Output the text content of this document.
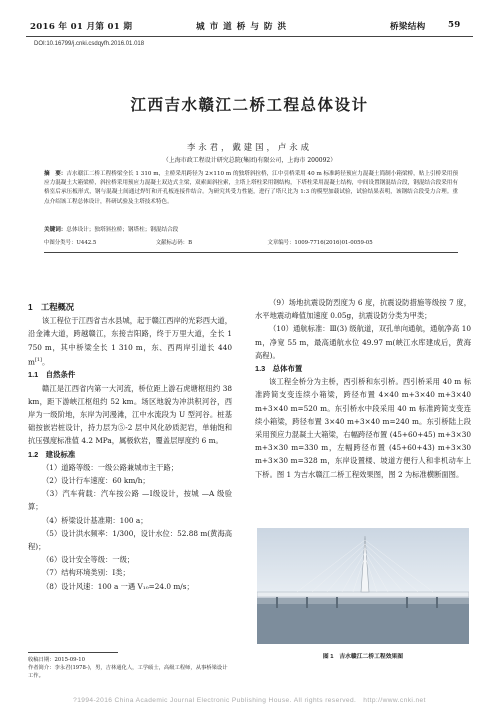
2016 年 01 月第 01 期	城 市 道 桥 与 防 洪	桥梁结构	59
DOI:10.16799/j.cnki.csdqyfh.2016.01.018
江西吉水赣江二桥工程总体设计
李永君，戴建国，卢永成
（上海市政工程设计研究总院(集团)有限公司，上海市 200092）
摘　要：吉水赣江二桥工程桥梁全长 1 310 m，主桥采用跨径为 2×110 m 的独塔斜拉桥，江中引桥采用 40 m 标准跨径预应力混凝土简制小箱梁桥，贴上引桥采用预应力混凝土大箱梁桥，斜拉桥采用预应力混凝土双边式主梁，双索面斜拉索，主塔上塔柱采用钢结构，下塔柱采用混凝土结构，中间设置钢混结合段，钢混结合段采用有格室后承压板形式，钢与混凝土间通过焊钉和开孔板连接件结合。为研究其受力性能，进行了塔尺比为 1:3 的模型加载试验，试验结果表明，该钢结合段受力合理。重点介绍该工程总体设计，科研试验及主塔技术特色。
关键词：总体设计；独塔斜拉桥；钢塔柱；钢混结合段
中图分类号：U442.5	文献标志码：B	文章编号：1009-7716(2016)01-0059-05

1　工程概况

该工程位于江西省吉水县城，起于赣江西岸的光彩西大道，沿金滩大道，跨越赣江，东接吉阳路，终于万里大道，全长 1 750 m，其中桥梁全长 1 310 m，东、西两岸引道长 440 m[1]。

1.1　自然条件

赣江是江西省内第一大河流，桥位距上游石虎塘枢纽约 38 km，距下游峡江枢纽约 52 km。场区地貌为冲洪积河谷，西岸为一级阶地，东岸为河漫滩，江中水流段为 U 型河谷。桩基础按嵌岩桩设计，持力层为⑤-2 层中风化砂质泥岩，单轴饱和抗压强度标准值 4.2 MPa，属极软岩，覆盖层厚度约 6 m。

1.2　建设标准

（1）道路等级：一级公路兼城市主干路；

（2）设计行车速度：60 km/h；

（3）汽车荷载：汽车按公路 —Ⅰ级设计，按城 —A 级验算；

（4）桥梁设计基准期：100 a；

（5）设计洪水频率：1/300，设计水位：52.88 m(黄海高程)；

（6）设计安全等级：一级；

（7）结构环境类别：Ⅰ类；

（8）设计风速：100 a 一遇 V₁₀=24.0 m/s；

收稿日期：2015-09-10
作者简介：李永君(1978-)，男，吉林通化人，工学硕士，高级工程师，从事桥梁设计工作。

（9）场地抗震设防烈度为 6 度，抗震设防措施等级按 7 度，水平地震动峰值加速度 0.05g，抗震设防分类为甲类；

（10）通航标准：Ⅲ(3) 级航道，双孔单向通航，通航净高 10 m，净宽 55 m，最高通航水位 49.97 m(峡江水库建成后，黄海高程)。

1.3　总体布置

该工程全桥分为主桥，西引桥和东引桥。西引桥采用 40 m 标准跨简支变连续小箱梁，跨径布置 4×40 m+3×40 m+3×40 m+3×40 m=520 m。东引桥水中段采用 40 m 标准跨简支变连续小箱梁，跨径布置 3×40 m+3×40 m=240 m。东引桥陆上段采用预应力混凝土大箱梁，右幅跨径布置 (45+60+45) m+3×30 m+3×30 m=330 m，左幅跨径布置 (45+60+43) m+3×30 m+3×30 m=328 m，东岸设置楼、坡道方便行人和非机动车上下桥。图 1 为吉水赣江二桥工程效果图，图 2 为标准横断面图。

图 1　吉水赣江二桥工程效果图
?1994-2016 China Academic Journal Electronic Publishing House. All rights reserved.　http://www.cnki.net
